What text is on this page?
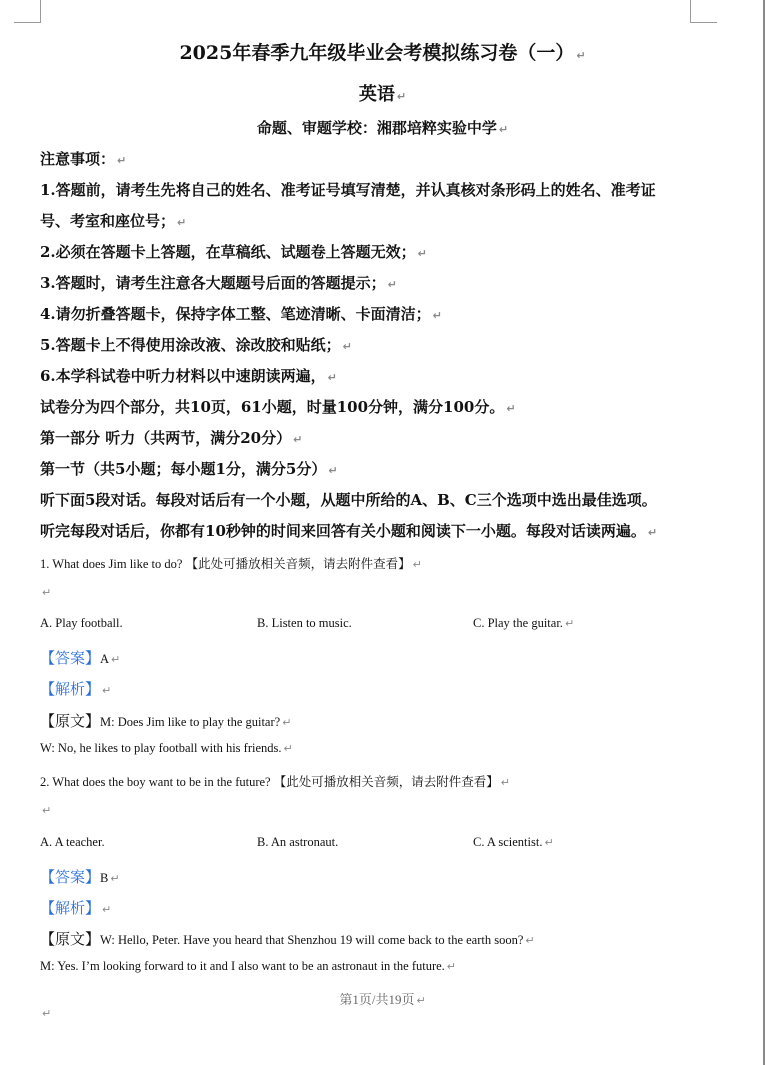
2025年春季九年级毕业会考模拟练习卷（一） ↵
英语 ↵
命题、审题学校：湘郡培粹实验中学 ↵
注意事项： ↵
1.答题前，请考生先将自己的姓名、准考证号填写清楚，并认真核对条形码上的姓名、准考证
号、考室和座位号； ↵
2.必须在答题卡上答题，在草稿纸、试题卷上答题无效； ↵
3.答题时，请考生注意各大题题号后面的答题提示； ↵
4.请勿折叠答题卡，保持字体工整、笔迹清晰、卡面清洁； ↵
5.答题卡上不得使用涂改液、涂改胶和贴纸； ↵
6.本学科试卷中听力材料以中速朗读两遍， ↵
试卷分为四个部分，共10页，61小题，时量100分钟，满分100分。 ↵
第一部分 听力（共两节，满分20分） ↵
第一节（共5小题；每小题1分，满分5分） ↵
听下面5段对话。每段对话后有一个小题，从题中所给的A、B、C三个选项中选出最佳选项。
听完每段对话后，你都有10秒钟的时间来回答有关小题和阅读下一小题。每段对话读两遍。 ↵
1. What does Jim like to do? 【此处可播放相关音频，请去附件查看】 ↵
↵
A. Play football.	B. Listen to music.	C. Play the guitar. ↵
【答案】A ↵
【解析】 ↵
【原文】M: Does Jim like to play the guitar? ↵
W: No, he likes to play football with his friends. ↵
2. What does the boy want to be in the future? 【此处可播放相关音频，请去附件查看】 ↵
↵
A. A teacher.	B. An astronaut.	C. A scientist. ↵
【答案】B ↵
【解析】 ↵
【原文】W: Hello, Peter. Have you heard that Shenzhou 19 will come back to the earth soon? ↵
M: Yes. I’m looking forward to it and I also want to be an astronaut in the future. ↵
第1页/共19页 ↵
↵
